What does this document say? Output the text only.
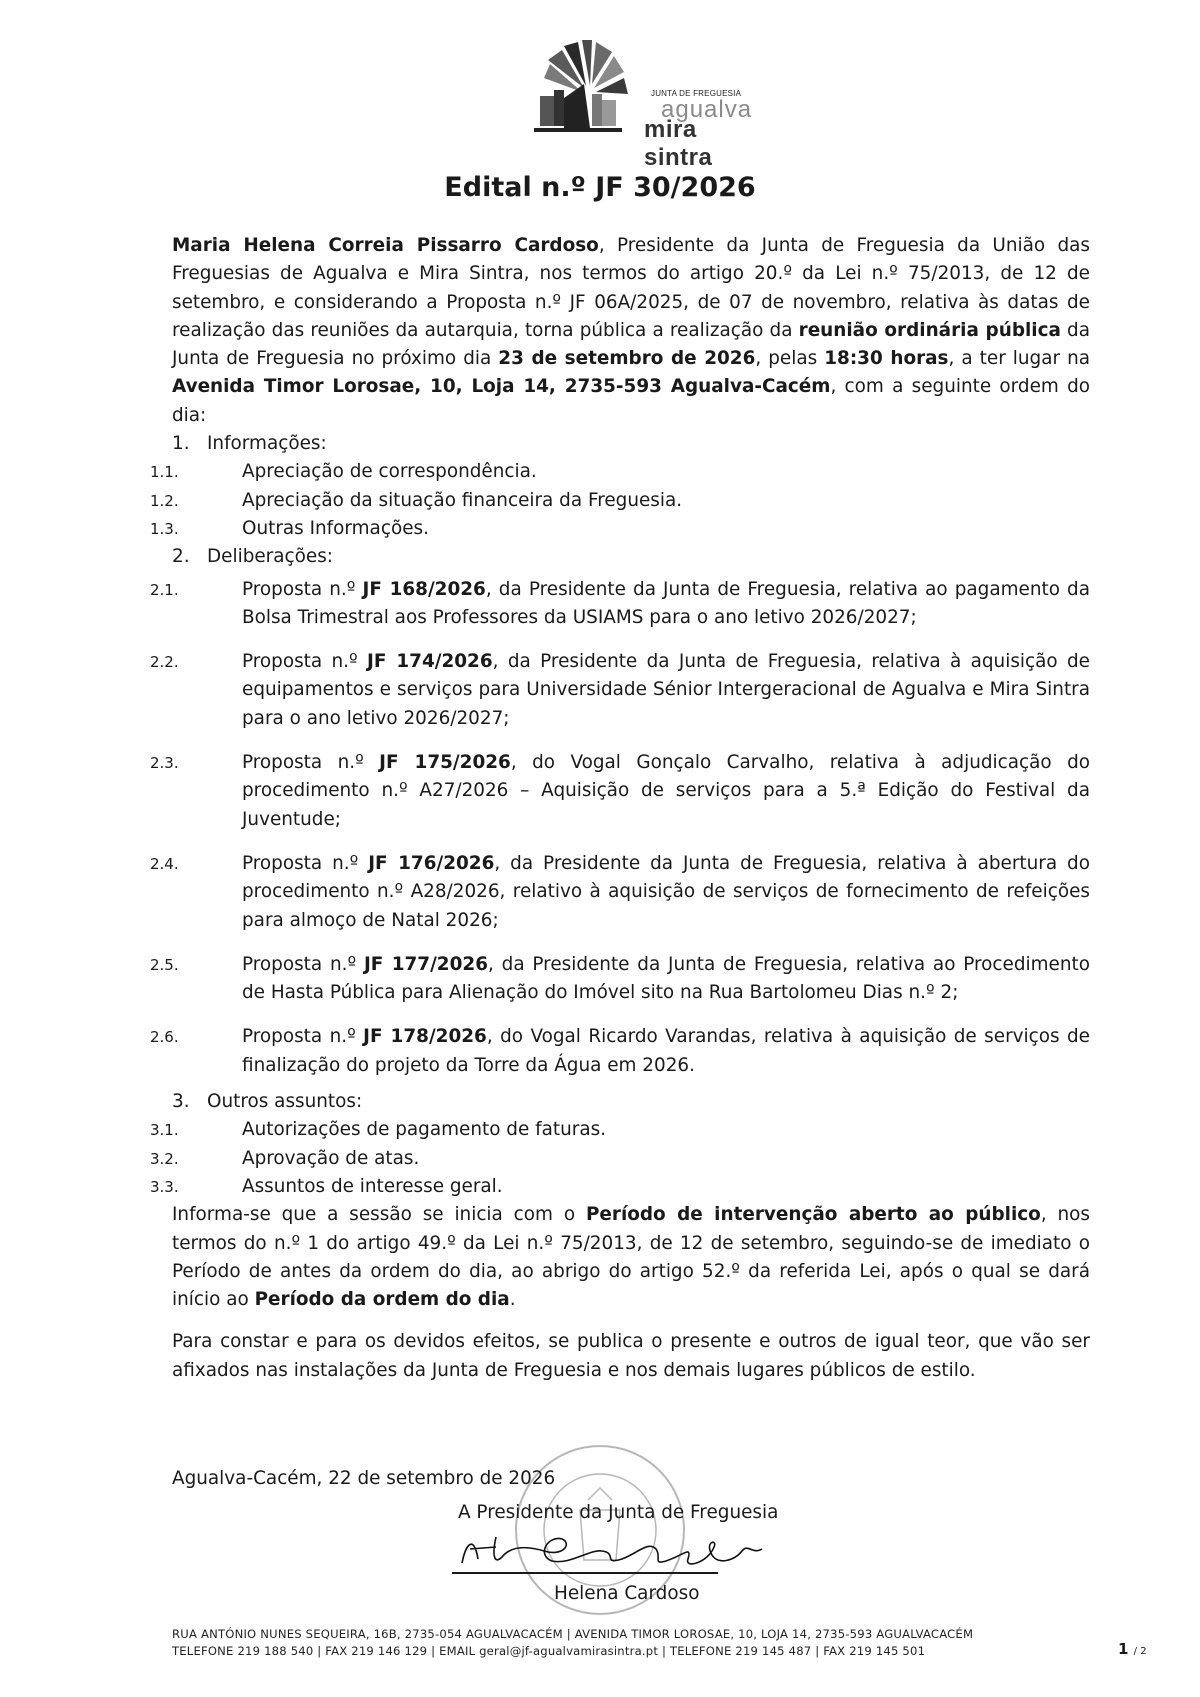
JUNTA DE FREGUESIA
agualva
mira sintra
Edital n.º JF 30/2026

Maria Helena Correia Pissarro Cardoso, Presidente da Junta de Freguesia da União das Freguesias de Agualva e Mira Sintra, nos termos do artigo 20.º da Lei n.º 75/2013, de 12 de setembro, e considerando a Proposta n.º JF 06A/2025, de 07 de novembro, relativa às datas de realização das reuniões da autarquia, torna pública a realização da reunião ordinária pública da Junta de Freguesia no próximo dia 23 de setembro de 2026, pelas 18:30 horas, a ter lugar na Avenida Timor Lorosae, 10, Loja 14, 2735-593 Agualva-Cacém, com a seguinte ordem do dia:

1. Informações:

1.1.	Apreciação de correspondência.

1.2.	Apreciação da situação financeira da Freguesia.

1.3.	Outras Informações.

2. Deliberações:

2.1.	Proposta n.º JF 168/2026, da Presidente da Junta de Freguesia, relativa ao pagamento da Bolsa Trimestral aos Professores da USIAMS para o ano letivo 2026/2027;

2.2.	Proposta n.º JF 174/2026, da Presidente da Junta de Freguesia, relativa à aquisição de equipamentos e serviços para Universidade Sénior Intergeracional de Agualva e Mira Sintra para o ano letivo 2026/2027;

2.3.	Proposta n.º JF 175/2026, do Vogal Gonçalo Carvalho, relativa à adjudicação do procedimento n.º A27/2026 – Aquisição de serviços para a 5.ª Edição do Festival da Juventude;

2.4.	Proposta n.º JF 176/2026, da Presidente da Junta de Freguesia, relativa à abertura do procedimento n.º A28/2026, relativo à aquisição de serviços de fornecimento de refeições para almoço de Natal 2026;

2.5.	Proposta n.º JF 177/2026, da Presidente da Junta de Freguesia, relativa ao Procedimento de Hasta Pública para Alienação do Imóvel sito na Rua Bartolomeu Dias n.º 2;

2.6.	Proposta n.º JF 178/2026, do Vogal Ricardo Varandas, relativa à aquisição de serviços de finalização do projeto da Torre da Água em 2026.

3. Outros assuntos:

3.1.	Autorizações de pagamento de faturas.

3.2.	Aprovação de atas.

3.3.	Assuntos de interesse geral.

Informa-se que a sessão se inicia com o Período de intervenção aberto ao público, nos termos do n.º 1 do artigo 49.º da Lei n.º 75/2013, de 12 de setembro, seguindo-se de imediato o Período de antes da ordem do dia, ao abrigo do artigo 52.º da referida Lei, após o qual se dará início ao Período da ordem do dia.

Para constar e para os devidos efeitos, se publica o presente e outros de igual teor, que vão ser afixados nas instalações da Junta de Freguesia e nos demais lugares públicos de estilo.

Agualva-Cacém, 22 de setembro de 2026
A Presidente da Junta de Freguesia
Helena Cardoso
RUA ANTÓNIO NUNES SEQUEIRA, 16B, 2735-054 AGUALVACACÉM | AVENIDA TIMOR LOROSAE, 10, LOJA 14, 2735-593 AGUALVACACÉM
TELEFONE 219 188 540 | FAX 219 146 129 | EMAIL geral@jf-agualvamirasintra.pt | TELEFONE 219 145 487 | FAX 219 145 501	1 / 2
